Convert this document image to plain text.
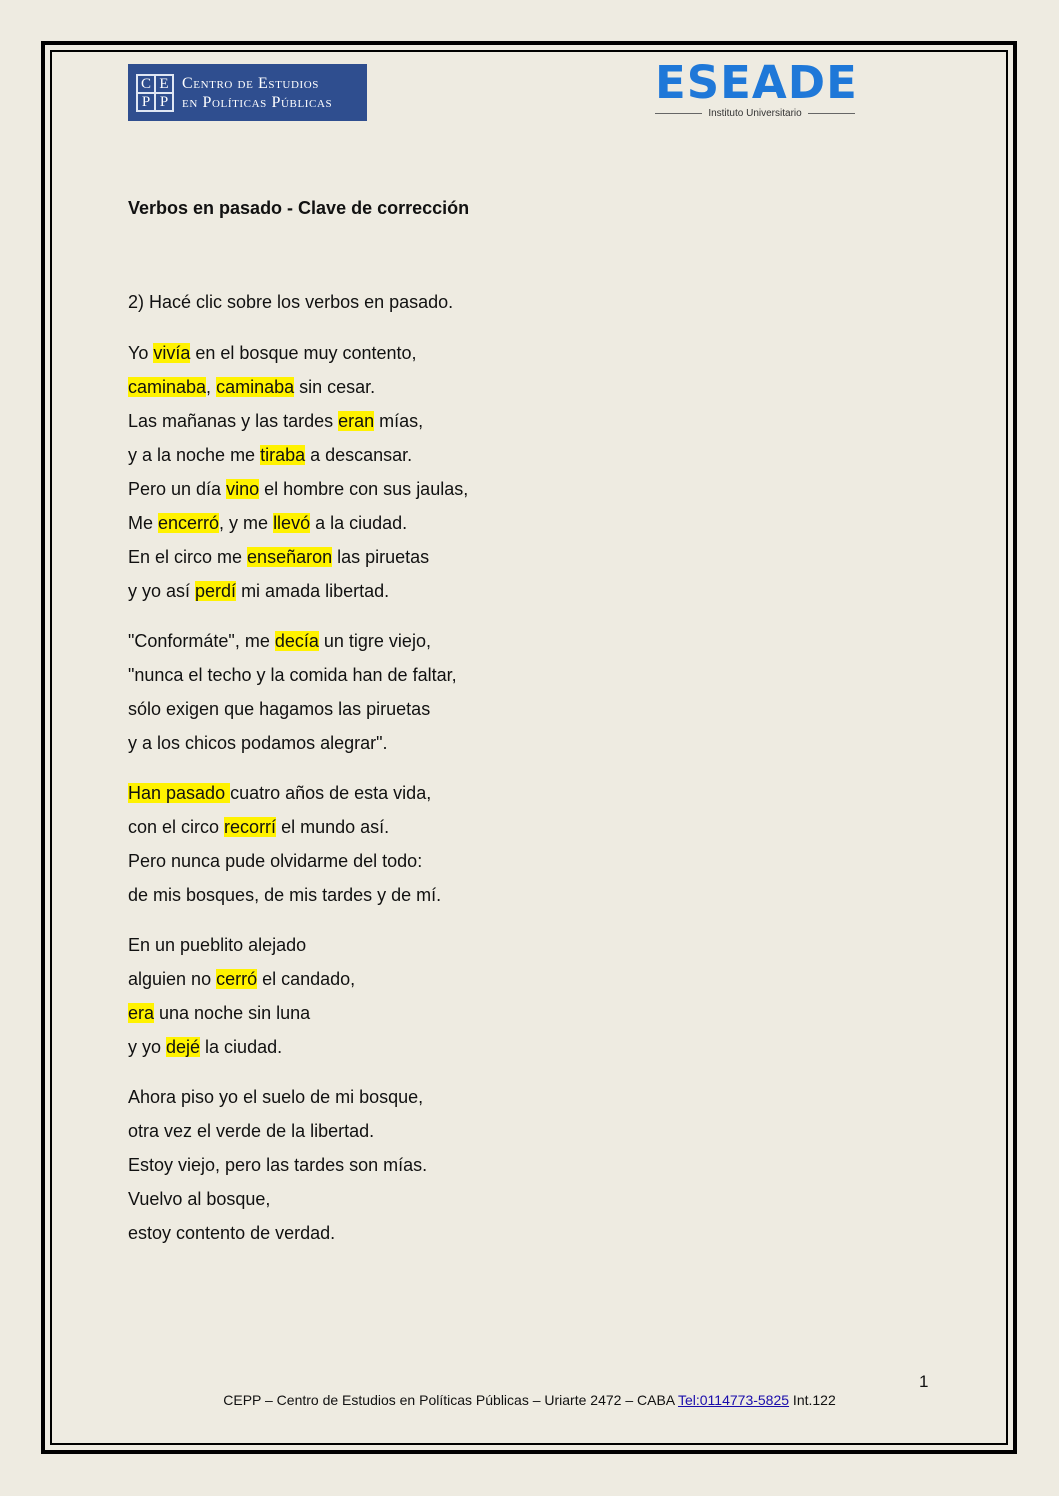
C E
P P
Centro de Estudios
en Políticas Públicas	ESEADE
Instituto Universitario
Verbos en pasado - Clave de corrección

2) Hacé clic sobre los verbos en pasado.

Yo vivía en el bosque muy contento,
caminaba, caminaba sin cesar.
Las mañanas y las tardes eran mías,
y a la noche me tiraba a descansar.
Pero un día vino el hombre con sus jaulas,
Me encerró, y me llevó a la ciudad.
En el circo me enseñaron las piruetas
y yo así perdí mi amada libertad.
"Conformáte", me decía un tigre viejo,
"nunca el techo y la comida han de faltar,
sólo exigen que hagamos las piruetas
y a los chicos podamos alegrar".
Han pasado cuatro años de esta vida,
con el circo recorrí el mundo así.
Pero nunca pude olvidarme del todo:
de mis bosques, de mis tardes y de mí.
En un pueblito alejado
alguien no cerró el candado,
era una noche sin luna
y yo dejé la ciudad.
Ahora piso yo el suelo de mi bosque,
otra vez el verde de la libertad.
Estoy viejo, pero las tardes son mías.
Vuelvo al bosque,
estoy contento de verdad.
1
CEPP – Centro de Estudios en Políticas Públicas – Uriarte 2472 – CABA Tel:0114773-5825 Int.122
